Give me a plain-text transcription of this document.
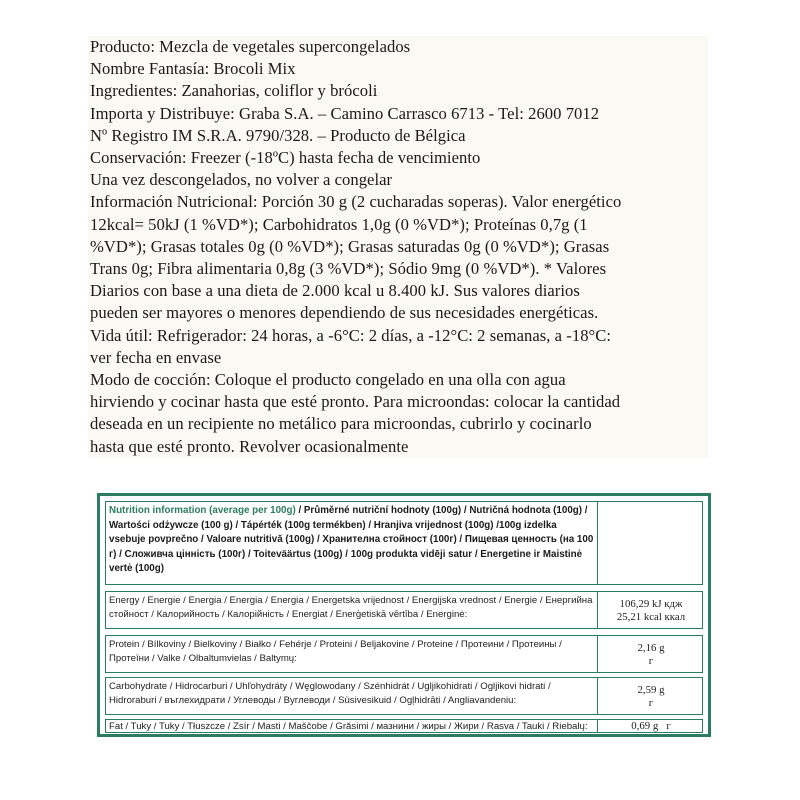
Producto: Mezcla de vegetales supercongelados
Nombre Fantasía: Brocoli Mix
Ingredientes: Zanahorias, coliflor y brócoli
Importa y Distribuye: Graba S.A. – Camino Carrasco 6713 - Tel: 2600 7012
Nº Registro IM S.R.A. 9790/328. – Producto de Bélgica
Conservación: Freezer (-18ºC) hasta fecha de vencimiento
Una vez descongelados, no volver a congelar
Información Nutricional: Porción 30 g (2 cucharadas soperas). Valor energético
12kcal= 50kJ (1 %VD*); Carbohidratos 1,0g (0 %VD*); Proteínas 0,7g (1
%VD*); Grasas totales 0g (0 %VD*); Grasas saturadas 0g (0 %VD*); Grasas
Trans 0g; Fibra alimentaria 0,8g (3 %VD*); Sódio 9mg (0 %VD*). * Valores
Diarios con base a una dieta de 2.000 kcal u 8.400 kJ. Sus valores diarios
pueden ser mayores o menores dependiendo de sus necesidades energéticas.
Vida útil: Refrigerador: 24 horas, a -6°C: 2 días, a -12°C: 2 semanas, a -18°C:
ver fecha en envase
Modo de cocción: Coloque el producto congelado en una olla con agua
hirviendo y cocinar hasta que esté pronto. Para microondas: colocar la cantidad
deseada en un recipiente no metálico para microondas, cubrirlo y cocinarlo
hasta que esté pronto. Revolver ocasionalmente
Nutrition information (average per 100g) / Průměrné nutriční hodnoty (100g) / Nutričná hodnota (100g) / Wartości odżywcze (100 g) / Tápérték (100g termékben) / Hranjiva vrijednost (100g) /100g izdelka vsebuje povprečno / Valoare nutritivă (100g) / Хранителна стойност (100г) / Пищевая ценность (на 100 г) / Сложивча цінність (100г) / Toiteväärtus (100g) / 100g produkta vidēji satur / Energetine ir Maistinė vertė (100g)
Energy / Energie / Energia / Energia / Energia / Energetska vrijednost / Energijska vrednost / Energie / Енергийна стойност / Калорийность / Калорійність / Energiat / Enerģetiskā vērtība / Energinė:
106,29 kJ кдж
25,21 kcal ккал
Protein / Bílkoviny / Bielkoviny / Białko / Fehérje / Proteini / Beljakovine / Proteine / Протеини / Протеины / Протеїни / Valke / Olbaltumvielas / Baltymų:
2,16 g
г
Carbohydrate / Hidrocarburi / Uhľohydráty / Węglowodany / Szénhidrát / Ugljikohidrati / Ogljikovi hidrati / Hidroraburi / въглехидрати / Углеводы / Вуглеводи / Süsivesikuid / Ogļhidrāti / Angliavandeniu:
2,59 g
г
Fat / Tuky / Tuky / Tłuszcze / Zsír / Masti / Maščobe / Grăsimi / мазнини / жиры / Жири / Rasva / Tauki / Riebalų:	0,69 g   г
